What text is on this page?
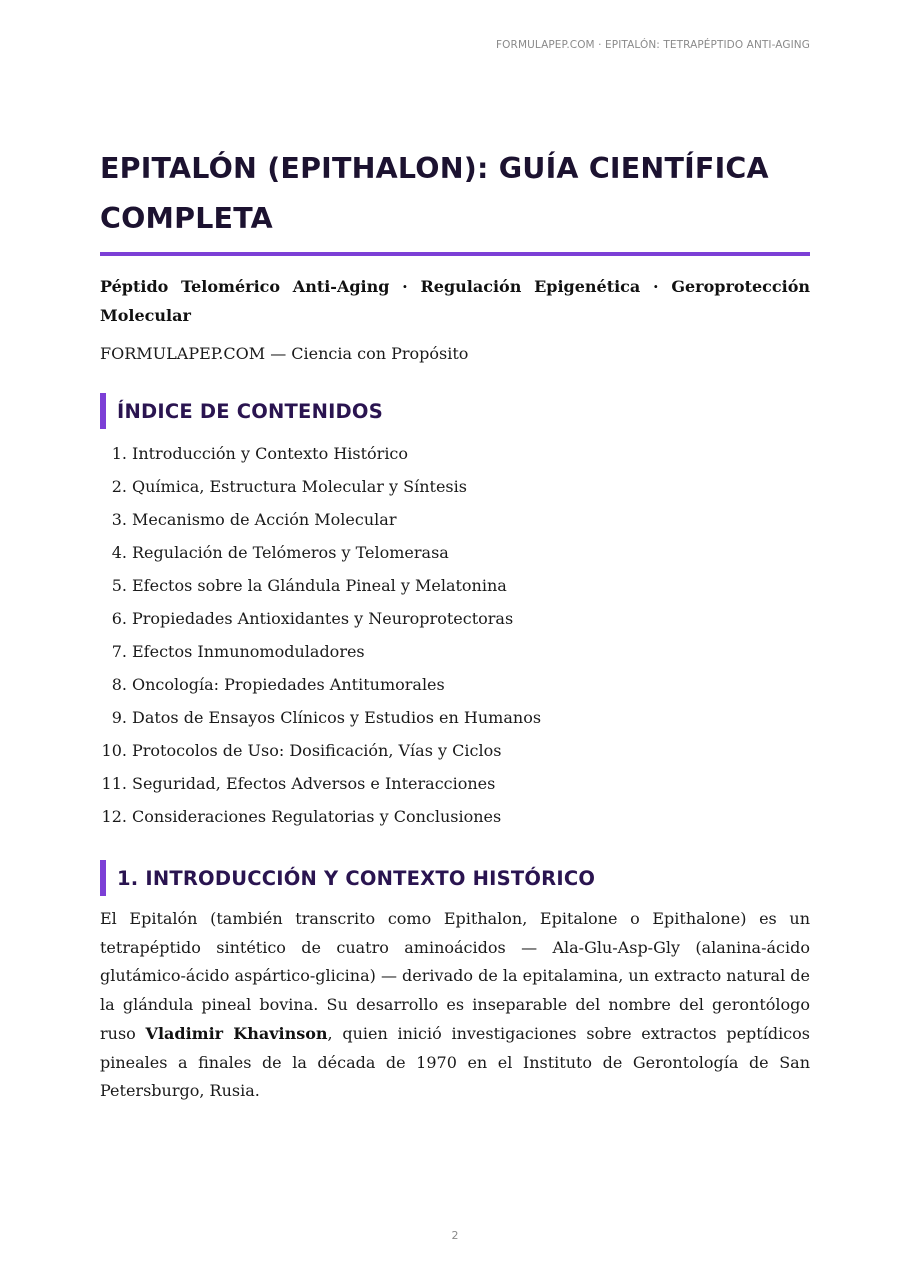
FORMULAPEP.COM · EPITALÓN: TETRAPÉPTIDO ANTI-AGING
EPITALÓN (EPITHALON): GUÍA CIENTÍFICA COMPLETA
Péptido Telomérico Anti-Aging · Regulación Epigenética · Geroprotección Molecular
FORMULAPEP.COM — Ciencia con Propósito
ÍNDICE DE CONTENIDOS
1. Introducción y Contexto Histórico
2. Química, Estructura Molecular y Síntesis
3. Mecanismo de Acción Molecular
4. Regulación de Telómeros y Telomerasa
5. Efectos sobre la Glándula Pineal y Melatonina
6. Propiedades Antioxidantes y Neuroprotectoras
7. Efectos Inmunomoduladores
8. Oncología: Propiedades Antitumorales
9. Datos de Ensayos Clínicos y Estudios en Humanos
10. Protocolos de Uso: Dosificación, Vías y Ciclos
11. Seguridad, Efectos Adversos e Interacciones
12. Consideraciones Regulatorias y Conclusiones
1. INTRODUCCIÓN Y CONTEXTO HISTÓRICO

El Epitalón (también transcrito como Epithalon, Epitalone o Epithalone) es un tetrapéptido sintético de cuatro aminoácidos — Ala-Glu-Asp-Gly (alanina-ácido glutámico-ácido aspártico-glicina) — derivado de la epitalamina, un extracto natural de la glándula pineal bovina. Su desarrollo es inseparable del nombre del gerontólogo ruso Vladimir Khavinson, quien inició investigaciones sobre extractos peptídicos pineales a finales de la década de 1970 en el Instituto de Gerontología de San Petersburgo, Rusia.

2
